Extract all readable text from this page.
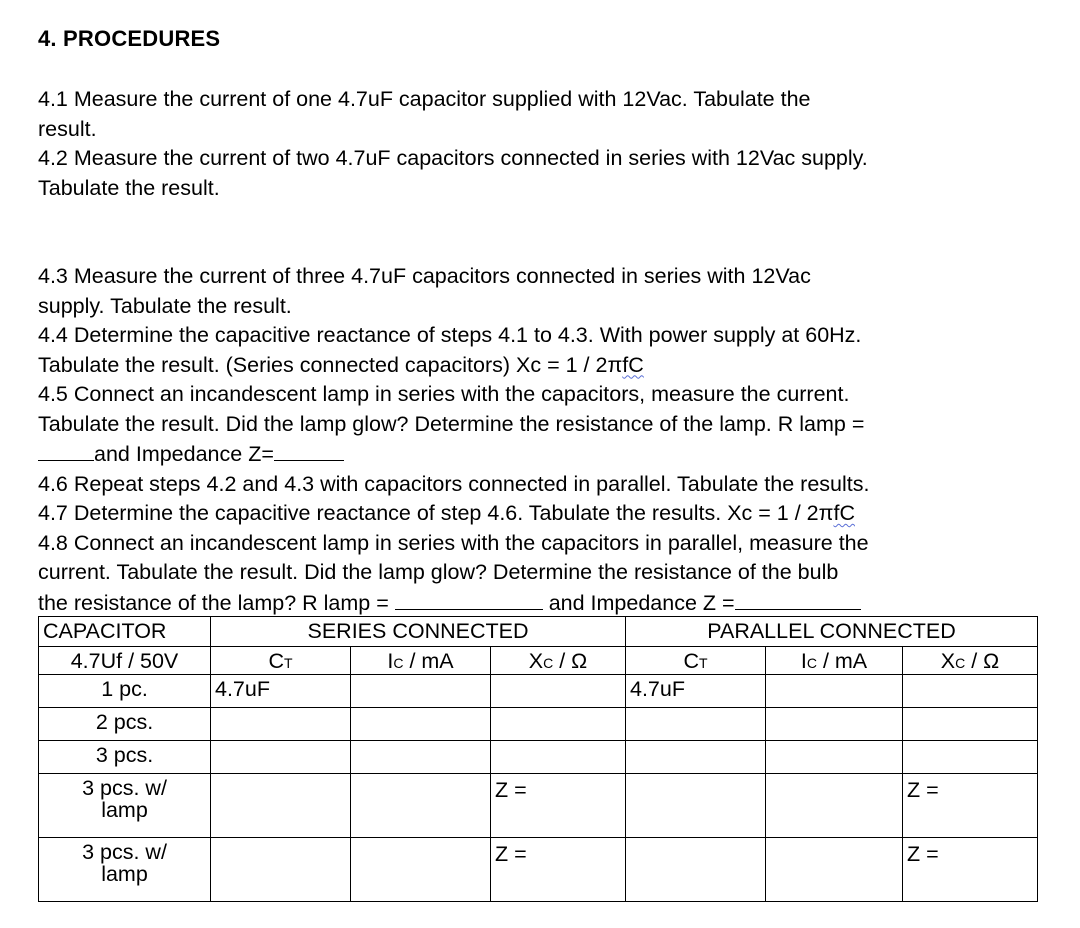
4. PROCEDURES

4.1 Measure the current of one 4.7uF capacitor supplied with 12Vac. Tabulate the

result.

4.2 Measure the current of two 4.7uF capacitors connected in series with 12Vac supply.

Tabulate the result.

4.3 Measure the current of three 4.7uF capacitors connected in series with 12Vac

supply. Tabulate the result.

4.4 Determine the capacitive reactance of steps 4.1 to 4.3. With power supply at 60Hz.

Tabulate the result. (Series connected capacitors) Xc = 1 / 2πfC

4.5 Connect an incandescent lamp in series with the capacitors, measure the current.

Tabulate the result. Did the lamp glow? Determine the resistance of the lamp. R lamp =

and Impedance Z=

4.6 Repeat steps 4.2 and 4.3 with capacitors connected in parallel. Tabulate the results.

4.7 Determine the capacitive reactance of step 4.6. Tabulate the results. Xc = 1 / 2πfC

4.8 Connect an incandescent lamp in series with the capacitors in parallel, measure the

current. Tabulate the result. Did the lamp glow? Determine the resistance of the bulb

the resistance of the lamp? R lamp =	and Impedance Z =

CAPACITOR	SERIES CONNECTED			PARALLEL CONNECTED		
4.7Uf / 50V	CT	IC / mA	XC / Ω	CT	IC / mA	XC / Ω
1 pc.	4.7uF			4.7uF		
2 pcs.						
3 pcs.						
3 pcs. w/
lamp			Z =			Z =
3 pcs. w/
lamp			Z =			Z =
